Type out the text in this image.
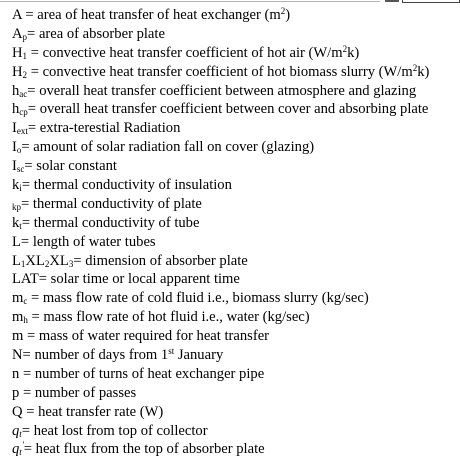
A = area of heat transfer of heat exchanger $(m^2)$
$A_p=$ area of absorber plate
$H_1$ = convective heat transfer coefficient of hot air $(W/m^2k)$
$H_2$ = convective heat transfer coefficient of hot biomass slurry $(W/m^2k)$
$h_{ac}=$ overall heat transfer coefficient between atmosphere and glazing
$h_{cp}=$ overall heat transfer coefficient between cover and absorbing plate
$I_{ext}=$ extra-terestial Radiation
$I_o=$ amount of solar radiation fall on cover (glazing)
$I_{sc}=$ solar constant
$k_i=$ thermal conductivity of insulation
$_{kp}$= thermal conductivity of plate
$k_t=$ thermal conductivity of tube
L= length of water tubes
$L_1XL_2XL_3=$ dimension of absorber plate
LAT= solar time or local apparent time
$m_c$ = mass flow rate of cold fluid i.e., biomass slurry (kg/sec)
$m_h$ = mass flow rate of hot fluid i.e., water (kg/sec)
m = mass of water required for heat transfer
N= number of days from 1st January
n = number of turns of heat exchanger pipe
p = number of passes
Q = heat transfer rate (W)
$q_t=$ heat lost from top of collector
$q_t'=$ heat flux from the top of absorber plate
